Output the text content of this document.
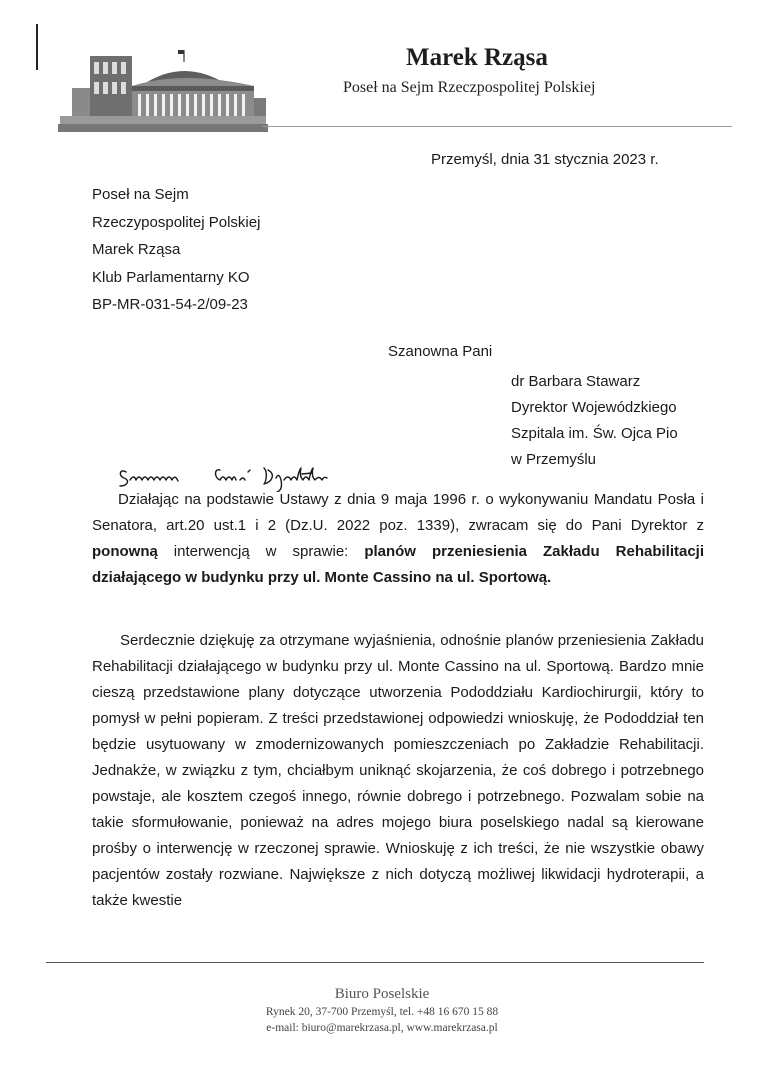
Marek Rząsa
Poseł na Sejm Rzeczpospolitej Polskiej
Przemyśl, dnia 31 stycznia 2023 r.
Poseł na Sejm
Rzeczypospolitej Polskiej
Marek Rząsa
Klub Parlamentarny KO
BP-MR-031-54-2/09-23
Szanowna Pani
dr Barbara Stawarz
Dyrektor Wojewódzkiego
Szpitala im. Św. Ojca Pio
w Przemyślu
Działając na podstawie Ustawy z dnia 9 maja 1996 r. o wykonywaniu Mandatu Posła i Senatora, art.20 ust.1 i 2 (Dz.U. 2022 poz. 1339), zwracam się do Pani Dyrektor z ponowną interwencją w sprawie: planów przeniesienia Zakładu Rehabilitacji działającego w budynku przy ul. Monte Cassino na ul. Sportową.
Serdecznie dziękuję za otrzymane wyjaśnienia, odnośnie planów przeniesienia Zakładu Rehabilitacji działającego w budynku przy ul. Monte Cassino na ul. Sportową. Bardzo mnie cieszą przedstawione plany dotyczące utworzenia Pododdziału Kardiochirurgii, który to pomysł w pełni popieram. Z treści przedstawionej odpowiedzi wnioskuję, że Pododdział ten będzie usytuowany w zmodernizowanych pomieszczeniach po Zakładzie Rehabilitacji. Jednakże, w związku z tym, chciałbym uniknąć skojarzenia, że coś dobrego i potrzebnego powstaje, ale kosztem czegoś innego, równie dobrego i potrzebnego. Pozwalam sobie na takie sformułowanie, ponieważ na adres mojego biura poselskiego nadal są kierowane prośby o interwencję w rzeczonej sprawie. Wnioskuję z ich treści, że nie wszystkie obawy pacjentów zostały rozwiane. Największe z nich dotyczą możliwej likwidacji hydroterapii, a także kwestie
Biuro Poselskie
Rynek 20, 37-700 Przemyśl, tel. +48 16 670 15 88
e-mail: biuro@marekrzasa.pl, www.marekrzasa.pl
